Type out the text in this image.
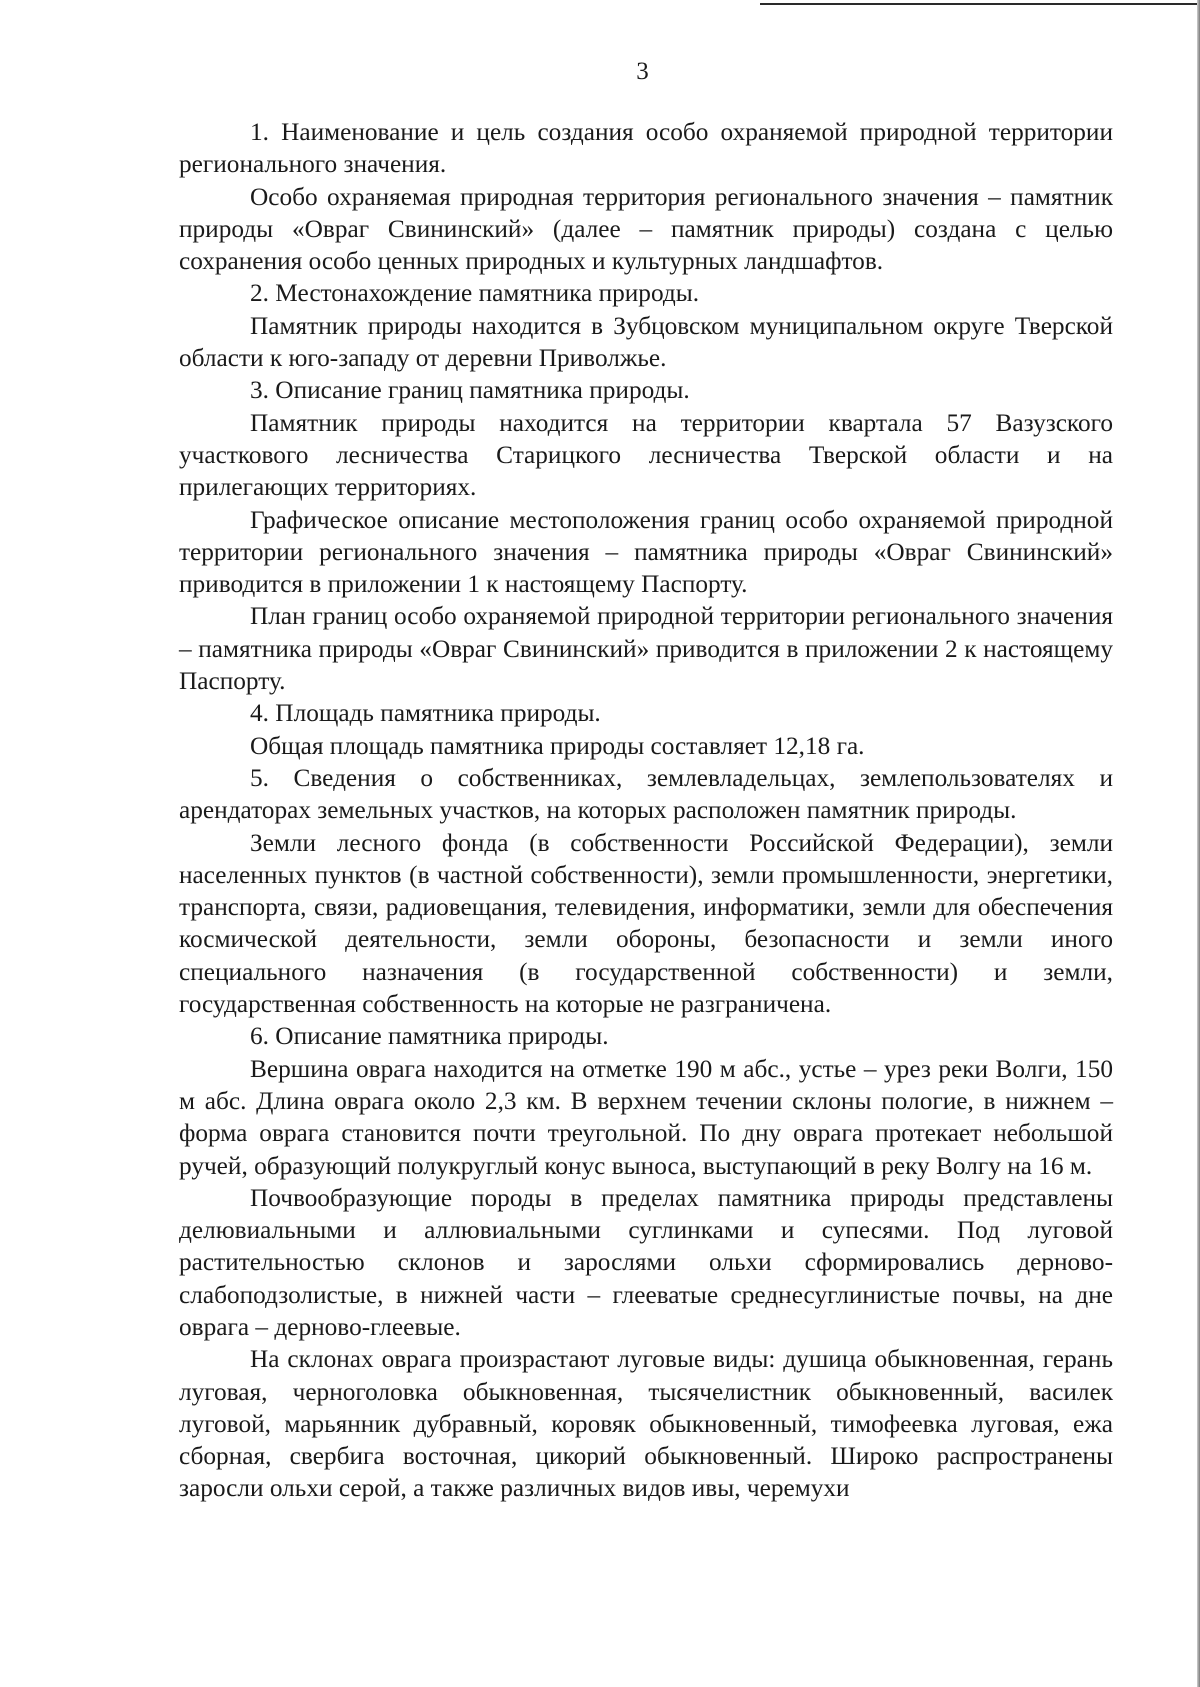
3

1. Наименование и цель создания особо охраняемой природной территории регионального значения.

Особо охраняемая природная территория регионального значения – памятник природы «Овраг Свининский» (далее – памятник природы) создана с целью сохранения особо ценных природных и культурных ландшафтов.

2. Местонахождение памятника природы.

Памятник природы находится в Зубцовском муниципальном округе Тверской области к юго-западу от деревни Приволжье.

3. Описание границ памятника природы.

Памятник природы находится на территории квартала 57 Вазузского участкового лесничества Старицкого лесничества Тверской области и на прилегающих территориях.

Графическое описание местоположения границ особо охраняемой природной территории регионального значения – памятника природы «Овраг Свининский» приводится в приложении 1 к настоящему Паспорту.

План границ особо охраняемой природной территории регионального значения – памятника природы «Овраг Свининский» приводится в приложении 2 к настоящему Паспорту.

4. Площадь памятника природы.

Общая площадь памятника природы составляет 12,18 га.

5. Сведения о собственниках, землевладельцах, землепользователях и арендаторах земельных участков, на которых расположен памятник природы.

Земли лесного фонда (в собственности Российской Федерации), земли населенных пунктов (в частной собственности), земли промышленности, энергетики, транспорта, связи, радиовещания, телевидения, информатики, земли для обеспечения космической деятельности, земли обороны, безопасности и земли иного специального назначения (в государственной собственности) и земли, государственная собственность на которые не разграничена.

6. Описание памятника природы.

Вершина оврага находится на отметке 190 м абс., устье – урез реки Волги, 150 м абс. Длина оврага около 2,3 км. В верхнем течении склоны пологие, в нижнем – форма оврага становится почти треугольной. По дну оврага протекает небольшой ручей, образующий полукруглый конус выноса, выступающий в реку Волгу на 16 м.

Почвообразующие породы в пределах памятника природы представлены делювиальными и аллювиальными суглинками и супесями. Под луговой растительностью склонов и зарослями ольхи сформировались дерново-слабоподзолистые, в нижней части – глееватые среднесуглинистые почвы, на дне оврага – дерново-глеевые.

На склонах оврага произрастают луговые виды: душица обыкновенная, герань луговая, черноголовка обыкновенная, тысячелистник обыкновенный, василек луговой, марьянник дубравный, коровяк обыкновенный, тимофеевка луговая, ежа сборная, свербига восточная, цикорий обыкновенный. Широко распространены заросли ольхи серой, а также различных видов ивы, черемухи
